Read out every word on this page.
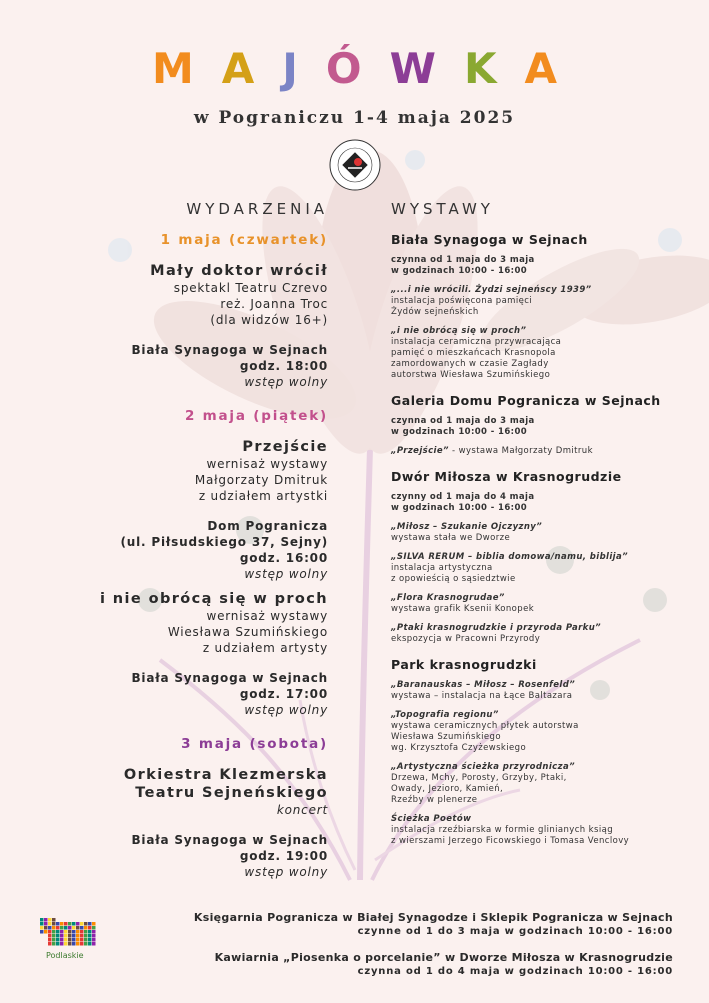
M A J Ó W K A
w Pograniczu 1-4 maja 2025
WYDARZENIA
1 maja (czwartek)
Mały doktor wrócił
spektakl Teatru Czrevo
reż. Joanna Troc
(dla widzów 16+)
Biała Synagoga w Sejnach
godz. 18:00
wstęp wolny
2 maja (piątek)
Przejście
wernisaż wystawy
Małgorzaty Dmitruk
z udziałem artystki
Dom Pogranicza
(ul. Piłsudskiego 37, Sejny)
godz. 16:00
wstęp wolny
i nie obrócą się w proch
wernisaż wystawy
Wiesława Szumińskiego
z udziałem artysty
Biała Synagoga w Sejnach
godz. 17:00
wstęp wolny
3 maja (sobota)
Orkiestra Klezmerska
Teatru Sejneńskiego
koncert
Biała Synagoga w Sejnach
godz. 19:00
wstęp wolny
WYSTAWY
Biała Synagoga w Sejnach
czynna od 1 maja do 3 maja
w godzinach 10:00 - 16:00
„...i nie wrócili. Żydzi sejneńscy 1939”
instalacja poświęcona pamięci
Żydów sejneńskich
„i nie obrócą się w proch”
instalacja ceramiczna przywracająca
pamięć o mieszkańcach Krasnopola
zamordowanych w czasie Zagłady
autorstwa Wiesława Szumińskiego
Galeria Domu Pogranicza w Sejnach
czynna od 1 maja do 3 maja
w godzinach 10:00 - 16:00
„Przejście” - wystawa Małgorzaty Dmitruk
Dwór Miłosza w Krasnogrudzie
czynny od 1 maja do 4 maja
w godzinach 10:00 - 16:00
„Miłosz – Szukanie Ojczyzny”
wystawa stała we Dworze
„SILVA RERUM – biblia domowa/namu, biblija”
instalacja artystyczna
z opowieścią o sąsiedztwie
„Flora Krasnogrudae”
wystawa grafik Ksenii Konopek
„Ptaki krasnogrudzkie i przyroda Parku”
ekspozycja w Pracowni Przyrody
Park krasnogrudzki
„Baranauskas – Miłosz – Rosenfeld”
wystawa – instalacja na Łące Baltazara
„Topografia regionu”
wystawa ceramicznych płytek autorstwa
Wiesława Szumińskiego
wg. Krzysztofa Czyżewskiego
„Artystyczna ścieżka przyrodnicza”
Drzewa, Mchy, Porosty, Grzyby, Ptaki,
Owady, Jezioro, Kamień,
Rzeźby w plenerze
Ścieżka Poetów
instalacja rzeźbiarska w formie glinianych ksiąg
z wierszami Jerzego Ficowskiego i Tomasa Venclovy
Podlaskie
Księgarnia Pogranicza w Białej Synagodze i Sklepik Pogranicza w Sejnach
czynne od 1 do 3 maja w godzinach 10:00 - 16:00
Kawiarnia „Piosenka o porcelanie” w Dworze Miłosza w Krasnogrudzie
czynna od 1 do 4 maja w godzinach 10:00 - 16:00
